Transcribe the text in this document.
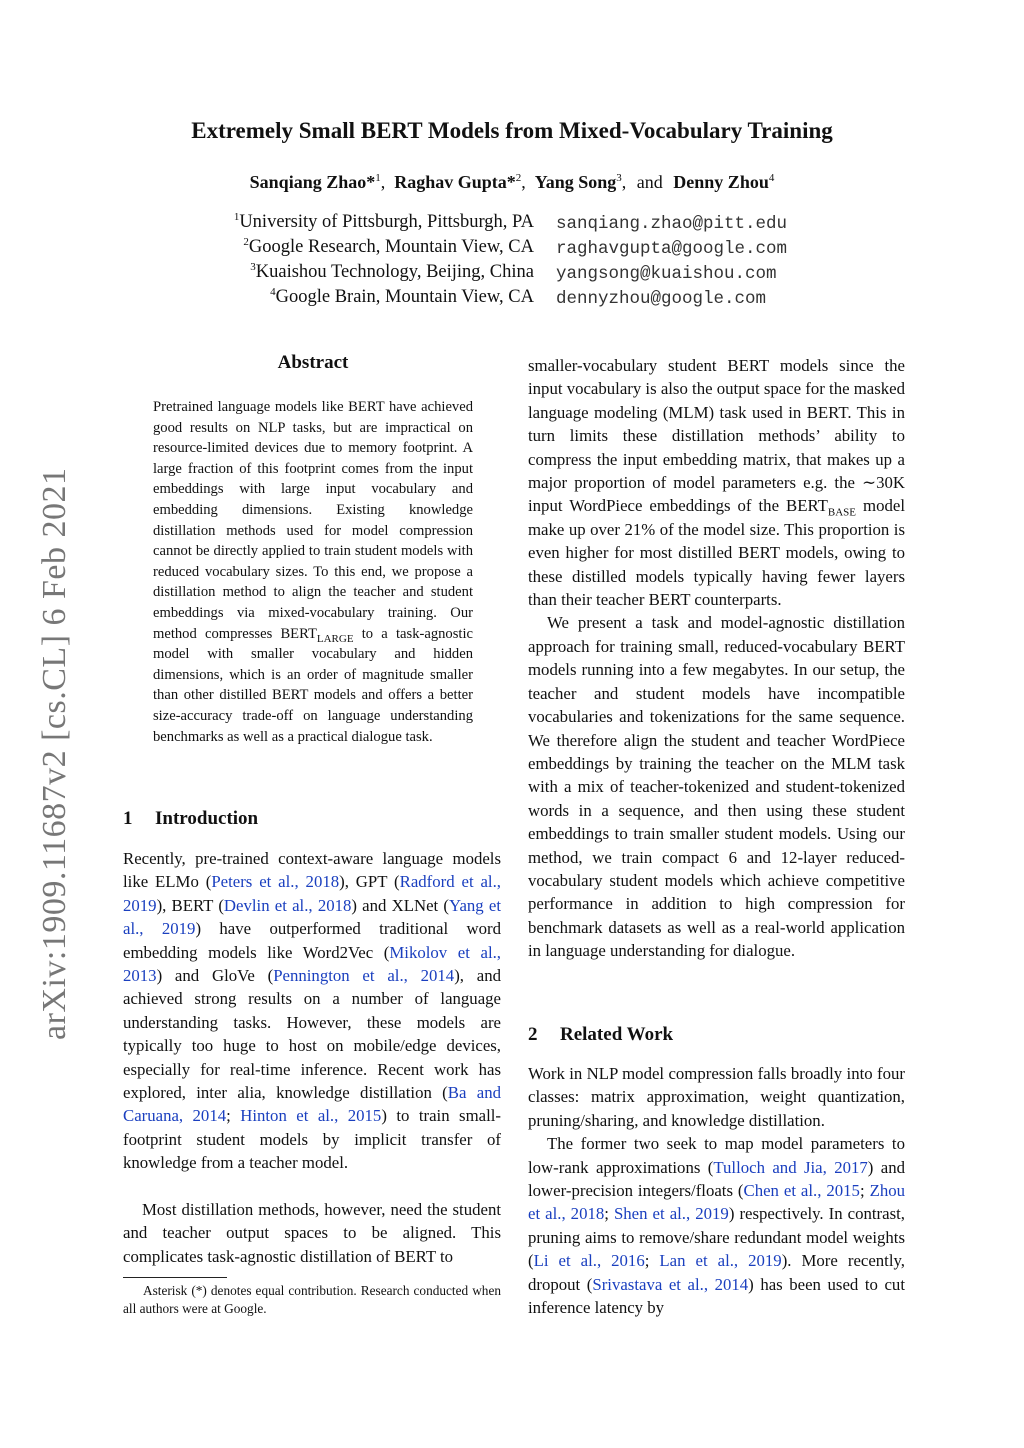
arXiv:1909.11687v2 [cs.CL] 6 Feb 2021
Extremely Small BERT Models from Mixed-Vocabulary Training
Sanqiang Zhao*$^1$,  Raghav Gupta*$^2$,  Yang Song$^3$, and Denny Zhou$^4$
$^1$University of Pittsburgh, Pittsburgh, PA sanqiang.zhao@pitt.edu
$^2$Google Research, Mountain View, CA raghavgupta@google.com
$^3$Kuaishou Technology, Beijing, China yangsong@kuaishou.com
$^4$Google Brain, Mountain View, CA dennyzhou@google.com
Abstract
Pretrained language models like BERT have achieved good results on NLP tasks, but are impractical on resource-limited devices due to memory footprint. A large fraction of this footprint comes from the input embeddings with large input vocabulary and embedding dimensions. Existing knowledge distillation methods used for model compression cannot be directly applied to train student models with reduced vocabulary sizes. To this end, we propose a distillation method to align the teacher and student embeddings via mixed-vocabulary training. Our method compresses $BERT_{LARGE}$ to a task-agnostic model with smaller vocabulary and hidden dimensions, which is an order of magnitude smaller than other distilled BERT models and offers a better size-accuracy trade-off on language understanding benchmarks as well as a practical dialogue task.
1 Introduction

Recently, pre-trained context-aware language models like ELMo (Peters et al., 2018), GPT (Radford et al., 2019), BERT (Devlin et al., 2018) and XLNet (Yang et al., 2019) have outperformed traditional word embedding models like Word2Vec (Mikolov et al., 2013) and GloVe (Pennington et al., 2014), and achieved strong results on a number of language understanding tasks. However, these models are typically too huge to host on mobile/edge devices, especially for real-time inference. Recent work has explored, inter alia, knowledge distillation (Ba and Caruana, 2014; Hinton et al., 2015) to train small-footprint student models by implicit transfer of knowledge from a teacher model.

Most distillation methods, however, need the student and teacher output spaces to be aligned. This complicates task-agnostic distillation of BERT to

Asterisk (*) denotes equal contribution. Research conducted when all authors were at Google.

smaller-vocabulary student BERT models since the input vocabulary is also the output space for the masked language modeling (MLM) task used in BERT. This in turn limits these distillation methods’ ability to compress the input embedding matrix, that makes up a major proportion of model parameters e.g. the ∼30K input WordPiece embeddings of the $BERT_{BASE}$ model make up over 21% of the model size. This proportion is even higher for most distilled BERT models, owing to these distilled models typically having fewer layers than their teacher BERT counterparts.

We present a task and model-agnostic distillation approach for training small, reduced-vocabulary BERT models running into a few megabytes. In our setup, the teacher and student models have incompatible vocabularies and tokenizations for the same sequence. We therefore align the student and teacher WordPiece embeddings by training the teacher on the MLM task with a mix of teacher-tokenized and student-tokenized words in a sequence, and then using these student embeddings to train smaller student models. Using our method, we train compact 6 and 12-layer reduced-vocabulary student models which achieve competitive performance in addition to high compression for benchmark datasets as well as a real-world application in language understanding for dialogue.

2 Related Work

Work in NLP model compression falls broadly into four classes: matrix approximation, weight quantization, pruning/sharing, and knowledge distillation.

The former two seek to map model parameters to low-rank approximations (Tulloch and Jia, 2017) and lower-precision integers/floats (Chen et al., 2015; Zhou et al., 2018; Shen et al., 2019) respectively. In contrast, pruning aims to remove/share redundant model weights (Li et al., 2016; Lan et al., 2019). More recently, dropout (Srivastava et al., 2014) has been used to cut inference latency by
